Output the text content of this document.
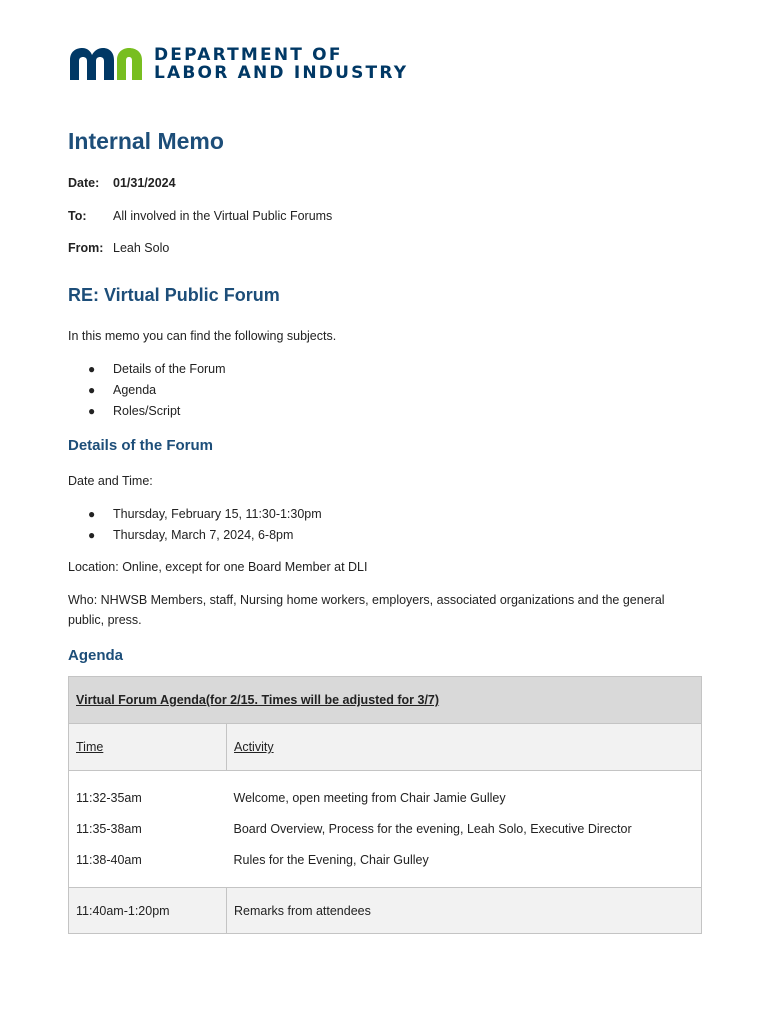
DEPARTMENT OF
LABOR AND INDUSTRY
Internal Memo
Date:	01/31/2024
To:	All involved in the Virtual Public Forums
From: Leah Solo
RE: Virtual Public Forum
In this memo you can find the following subjects.
●	Details of the Forum
●	Agenda
●	Roles/Script
Details of the Forum
Date and Time:
●	Thursday, February 15, 11:30-1:30pm
●	Thursday, March 7, 2024, 6-8pm
Location: Online, except for one Board Member at DLI
Who: NHWSB Members, staff, Nursing home workers, employers, associated organizations and the general
public, press.
Agenda
Virtual Forum Agenda(for 2/15. Times will be adjusted for 3/7)	
Time	Activity
11:32-35am	Welcome, open meeting from Chair Jamie Gulley
11:35-38am	Board Overview, Process for the evening, Leah Solo, Executive Director
11:38-40am	Rules for the Evening, Chair Gulley
11:40am-1:20pm	Remarks from attendees
